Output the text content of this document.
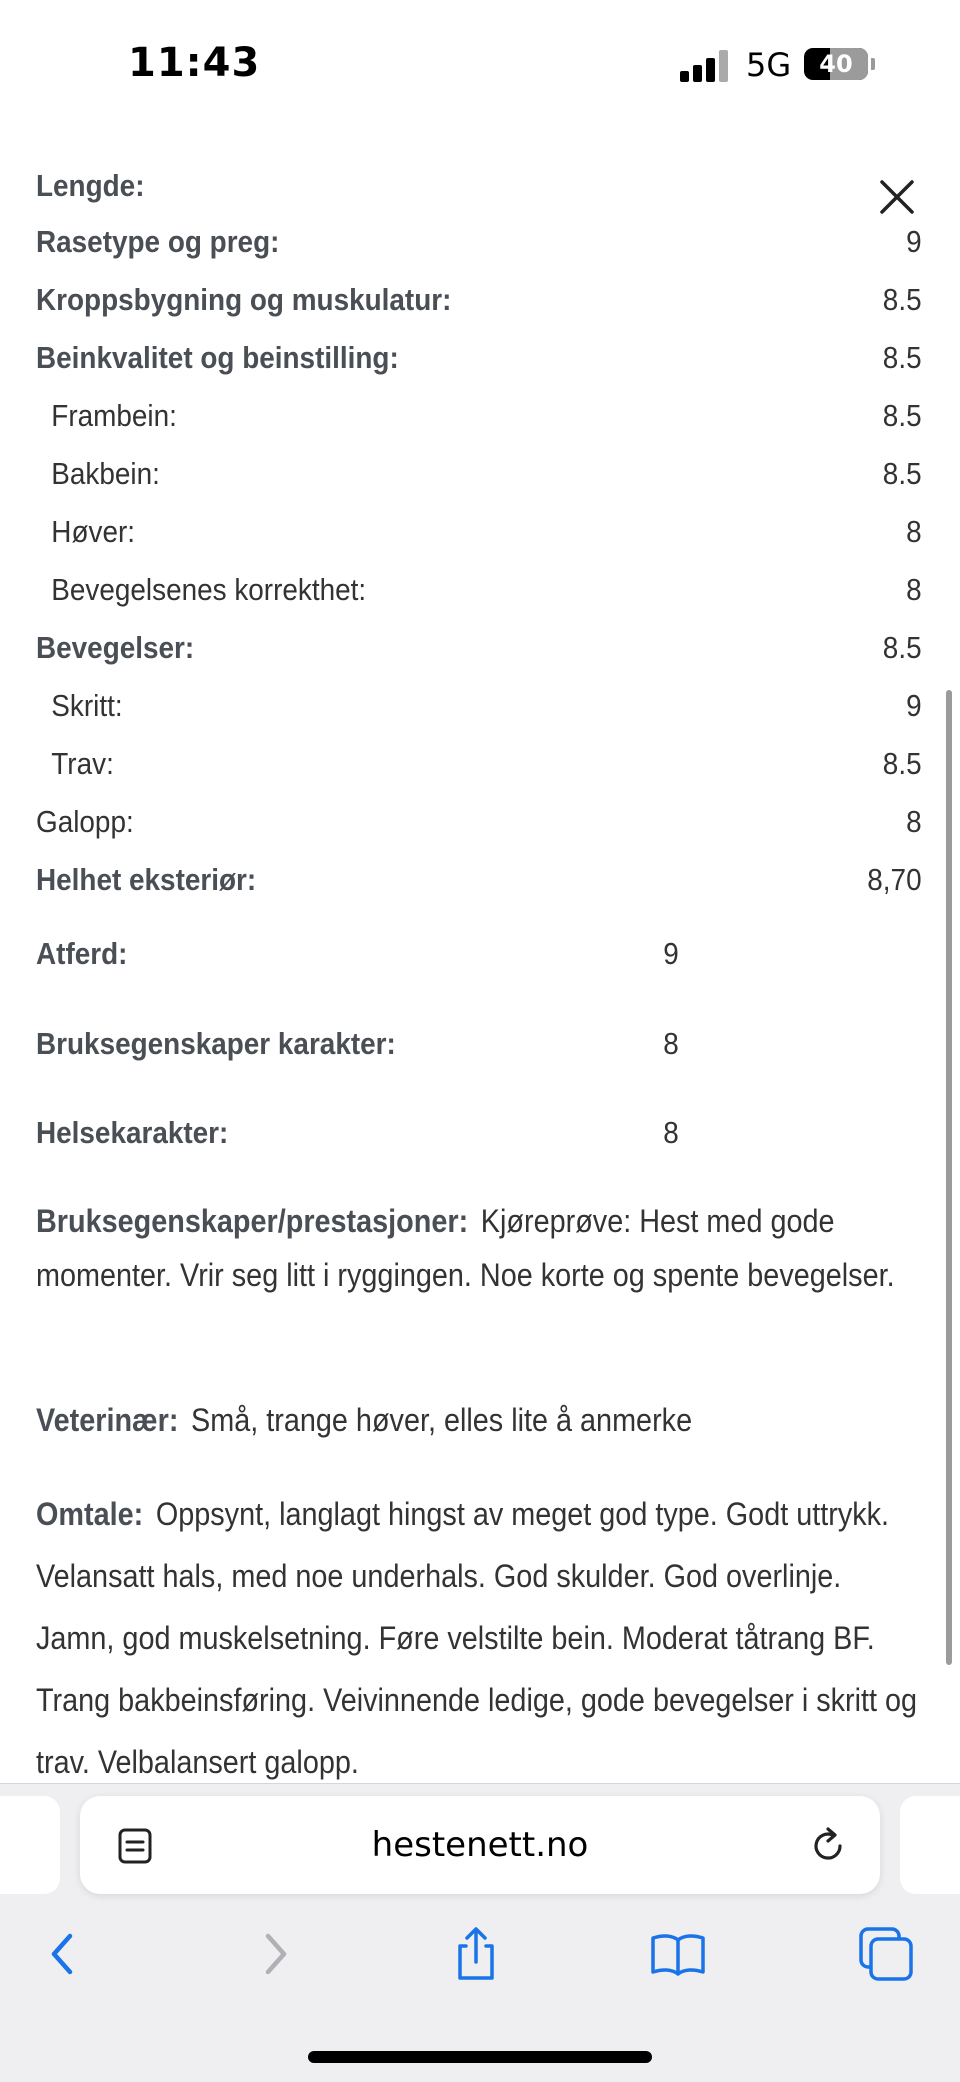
11:43	5G	40
Lengde:
Rasetype og preg:	9
Kroppsbygning og muskulatur:	8.5
Beinkvalitet og beinstilling:	8.5
Frambein:	8.5
Bakbein:	8.5
Høver:	8
Bevegelsenes korrekthet:	8
Bevegelser:	8.5
Skritt:	9
Trav:	8.5
Galopp:	8
Helhet eksteriør:	8,70
Atferd:	9
Bruksegenskaper karakter:	8
Helsekarakter:	8
Bruksegenskaper/prestasjoner: Kjøreprøve: Hest med gode momenter. Vrir seg litt i ryggingen. Noe korte og spente bevegelser.
Veterinær: Små, trange høver, elles lite å anmerke
Omtale: Oppsynt, langlagt hingst av meget god type. Godt uttrykk. Velansatt hals, med noe underhals. God skulder. God overlinje. Jamn, god muskelsetning. Føre velstilte bein. Moderat tåtrang BF. Trang bakbeinsføring. Veivinnende ledige, gode bevegelser i skritt og trav. Velbalansert galopp.
hestenett.no
